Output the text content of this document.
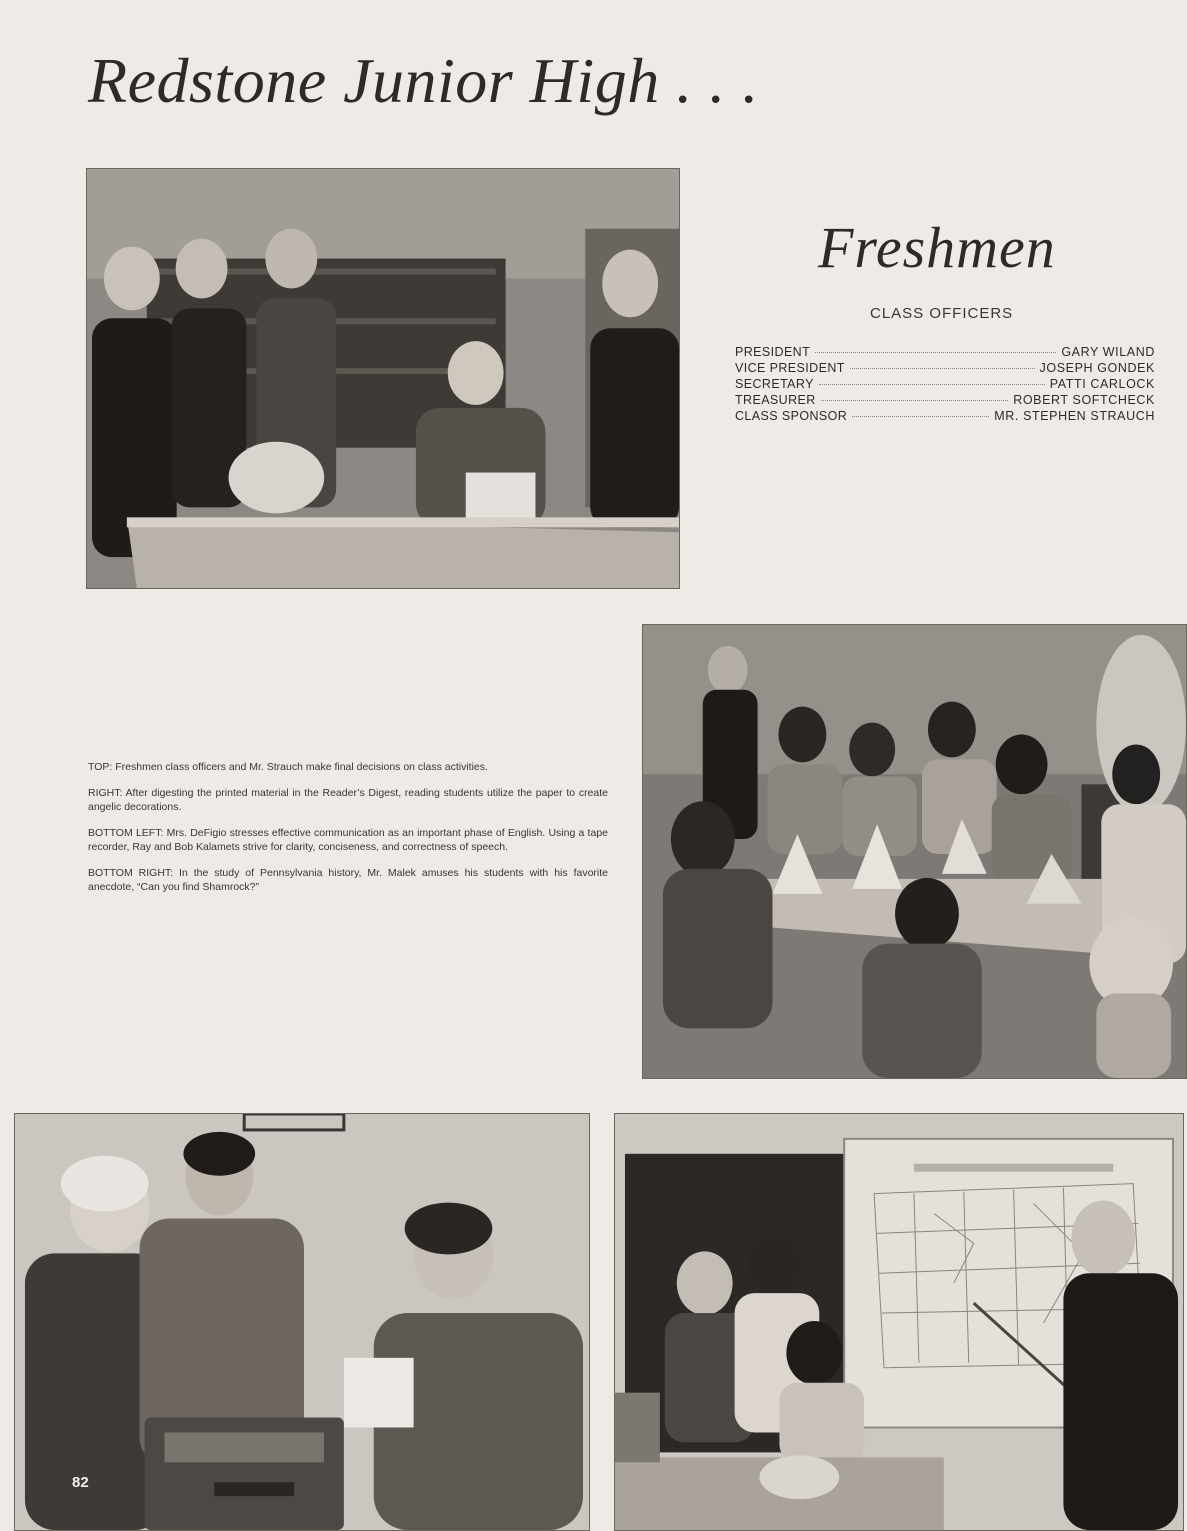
Redstone Junior High . . .
Freshmen
CLASS OFFICERS
PRESIDENT	GARY WILAND
VICE PRESIDENT	JOSEPH GONDEK
SECRETARY	PATTI CARLOCK
TREASURER	ROBERT SOFTCHECK
CLASS SPONSOR	MR. STEPHEN STRAUCH

TOP: Freshmen class officers and Mr. Strauch make final decisions on class activities.

RIGHT: After digesting the printed material in the Reader’s Digest, reading students utilize the paper to create angelic decorations.

BOTTOM LEFT: Mrs. DeFigio stresses effective communication as an important phase of English. Using a tape recorder, Ray and Bob Kalamets strive for clarity, conciseness, and correctness of speech.

BOTTOM RIGHT: In the study of Pennsylvania history, Mr. Malek amuses his students with his favorite anecdote, “Can you find Shamrock?”

82
